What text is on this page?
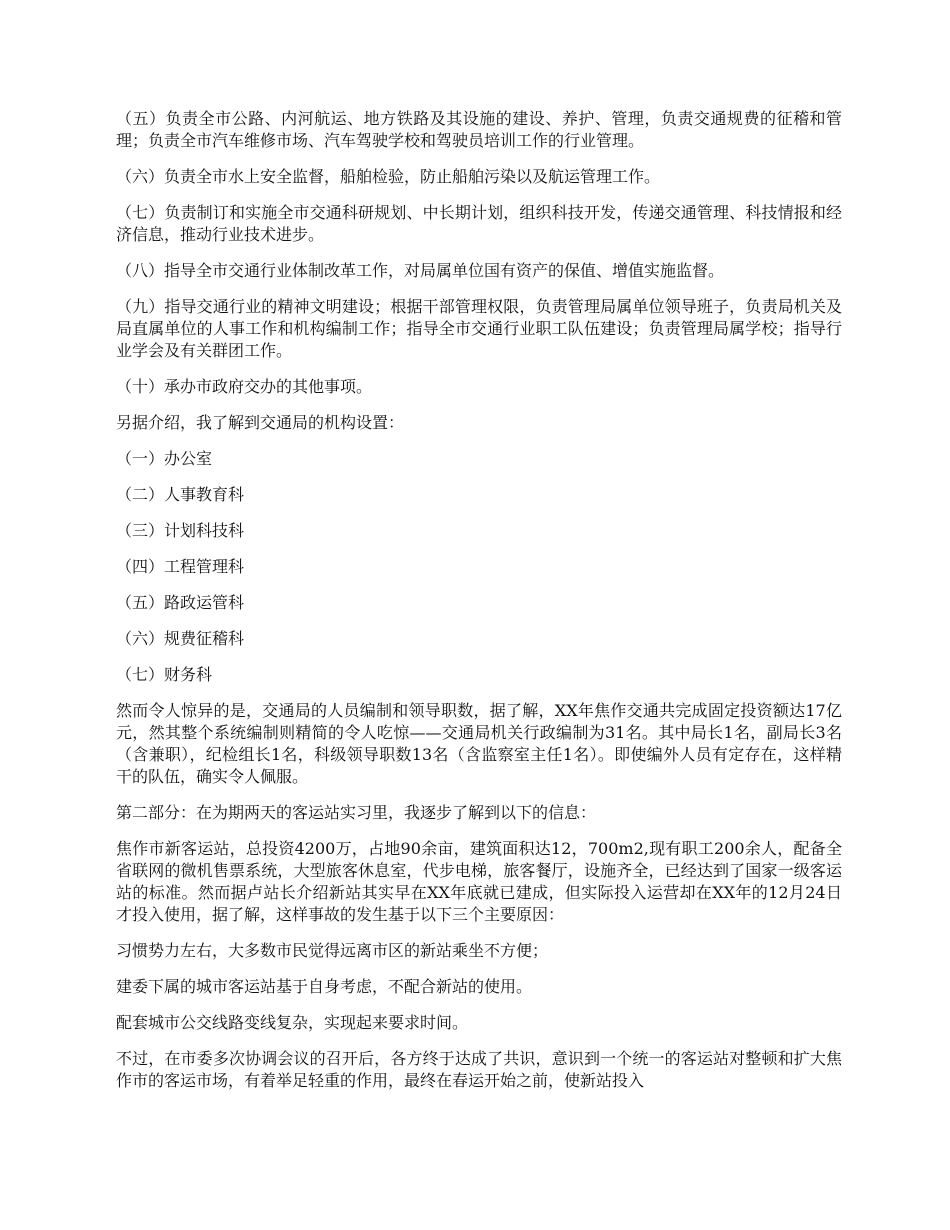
（五）负责全市公路、内河航运、地方铁路及其设施的建设、养护、管理，负责交通规费的征稽和管理；负责全市汽车维修市场、汽车驾驶学校和驾驶员培训工作的行业管理。

（六）负责全市水上安全监督，船舶检验，防止船舶污染以及航运管理工作。

（七）负责制订和实施全市交通科研规划、中长期计划，组织科技开发，传递交通管理、科技情报和经济信息，推动行业技术进步。

（八）指导全市交通行业体制改革工作，对局属单位国有资产的保值、增值实施监督。

（九）指导交通行业的精神文明建设；根据干部管理权限，负责管理局属单位领导班子，负责局机关及局直属单位的人事工作和机构编制工作；指导全市交通行业职工队伍建设；负责管理局属学校；指导行业学会及有关群团工作。

（十）承办市政府交办的其他事项。

另据介绍，我了解到交通局的机构设置：

（一）办公室

（二）人事教育科

（三）计划科技科

（四）工程管理科

（五）路政运管科

（六）规费征稽科

（七）财务科

然而令人惊异的是，交通局的人员编制和领导职数，据了解，XX年焦作交通共完成固定投资额达17亿元，然其整个系统编制则精简的令人吃惊——交通局机关行政编制为31名。其中局长1名，副局长3名（含兼职），纪检组长1名，科级领导职数13名（含监察室主任1名）。即使编外人员有定存在，这样精干的队伍，确实令人佩服。

第二部分：在为期两天的客运站实习里，我逐步了解到以下的信息：

焦作市新客运站，总投资4200万，占地90余亩，建筑面积达12，700m2,现有职工200余人，配备全省联网的微机售票系统，大型旅客休息室，代步电梯，旅客餐厅，设施齐全，已经达到了国家一级客运站的标准。然而据卢站长介绍新站其实早在XX年底就已建成，但实际投入运营却在XX年的12月24日才投入使用，据了解，这样事故的发生基于以下三个主要原因：

习惯势力左右，大多数市民觉得远离市区的新站乘坐不方便；

建委下属的城市客运站基于自身考虑，不配合新站的使用。

配套城市公交线路变线复杂，实现起来要求时间。

不过，在市委多次协调会议的召开后，各方终于达成了共识，意识到一个统一的客运站对整顿和扩大焦作市的客运市场，有着举足轻重的作用，最终在春运开始之前，使新站投入
